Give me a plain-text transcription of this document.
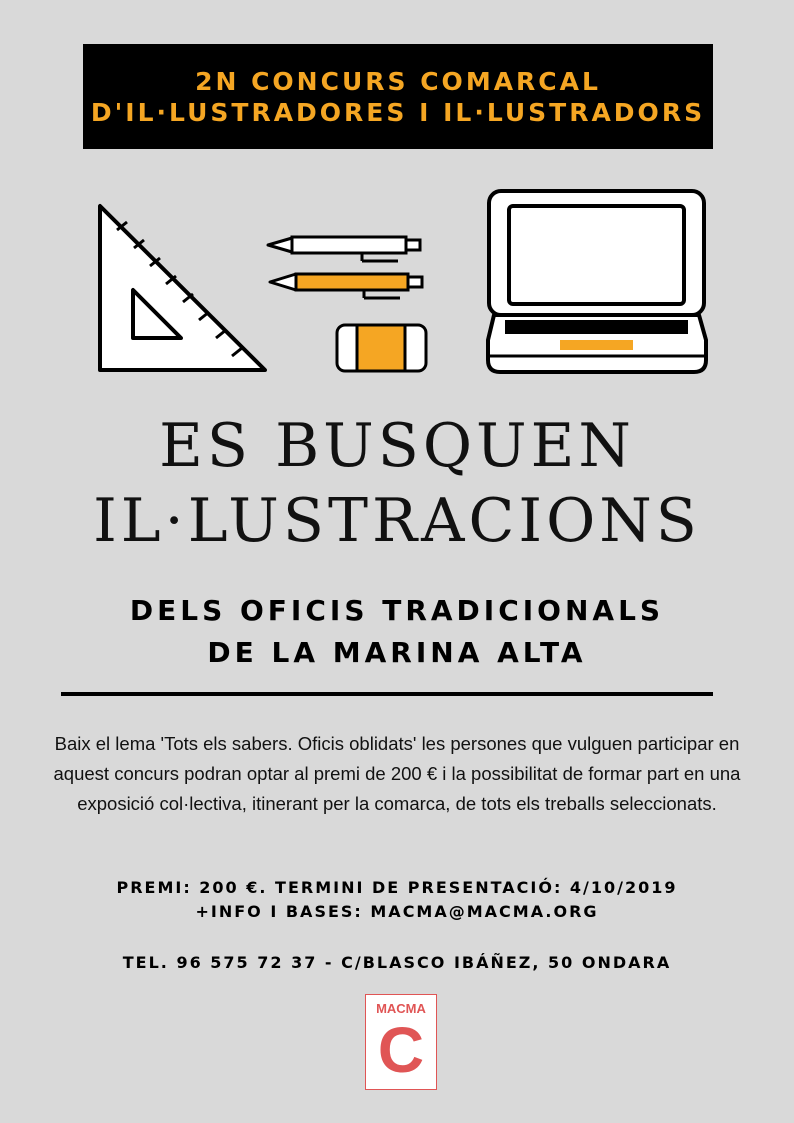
2N CONCURS COMARCAL
D'IL·LUSTRADORES I IL·LUSTRADORS
ES BUSQUEN
IL·LUSTRACIONS
DELS OFICIS TRADICIONALS
DE LA MARINA ALTA
Baix el lema 'Tots els sabers. Oficis oblidats' les persones que vulguen participar en aquest concurs podran optar al premi de 200 € i la possibilitat de formar part en una exposició col·lectiva, itinerant per la comarca, de tots els treballs seleccionats.
PREMI: 200 €. TERMINI DE PRESENTACIÓ: 4/10/2019
+INFO I BASES: MACMA@MACMA.ORG
TEL. 96 575 72 37 - C/BLASCO IBÁÑEZ, 50 ONDARA
MACMA
C
